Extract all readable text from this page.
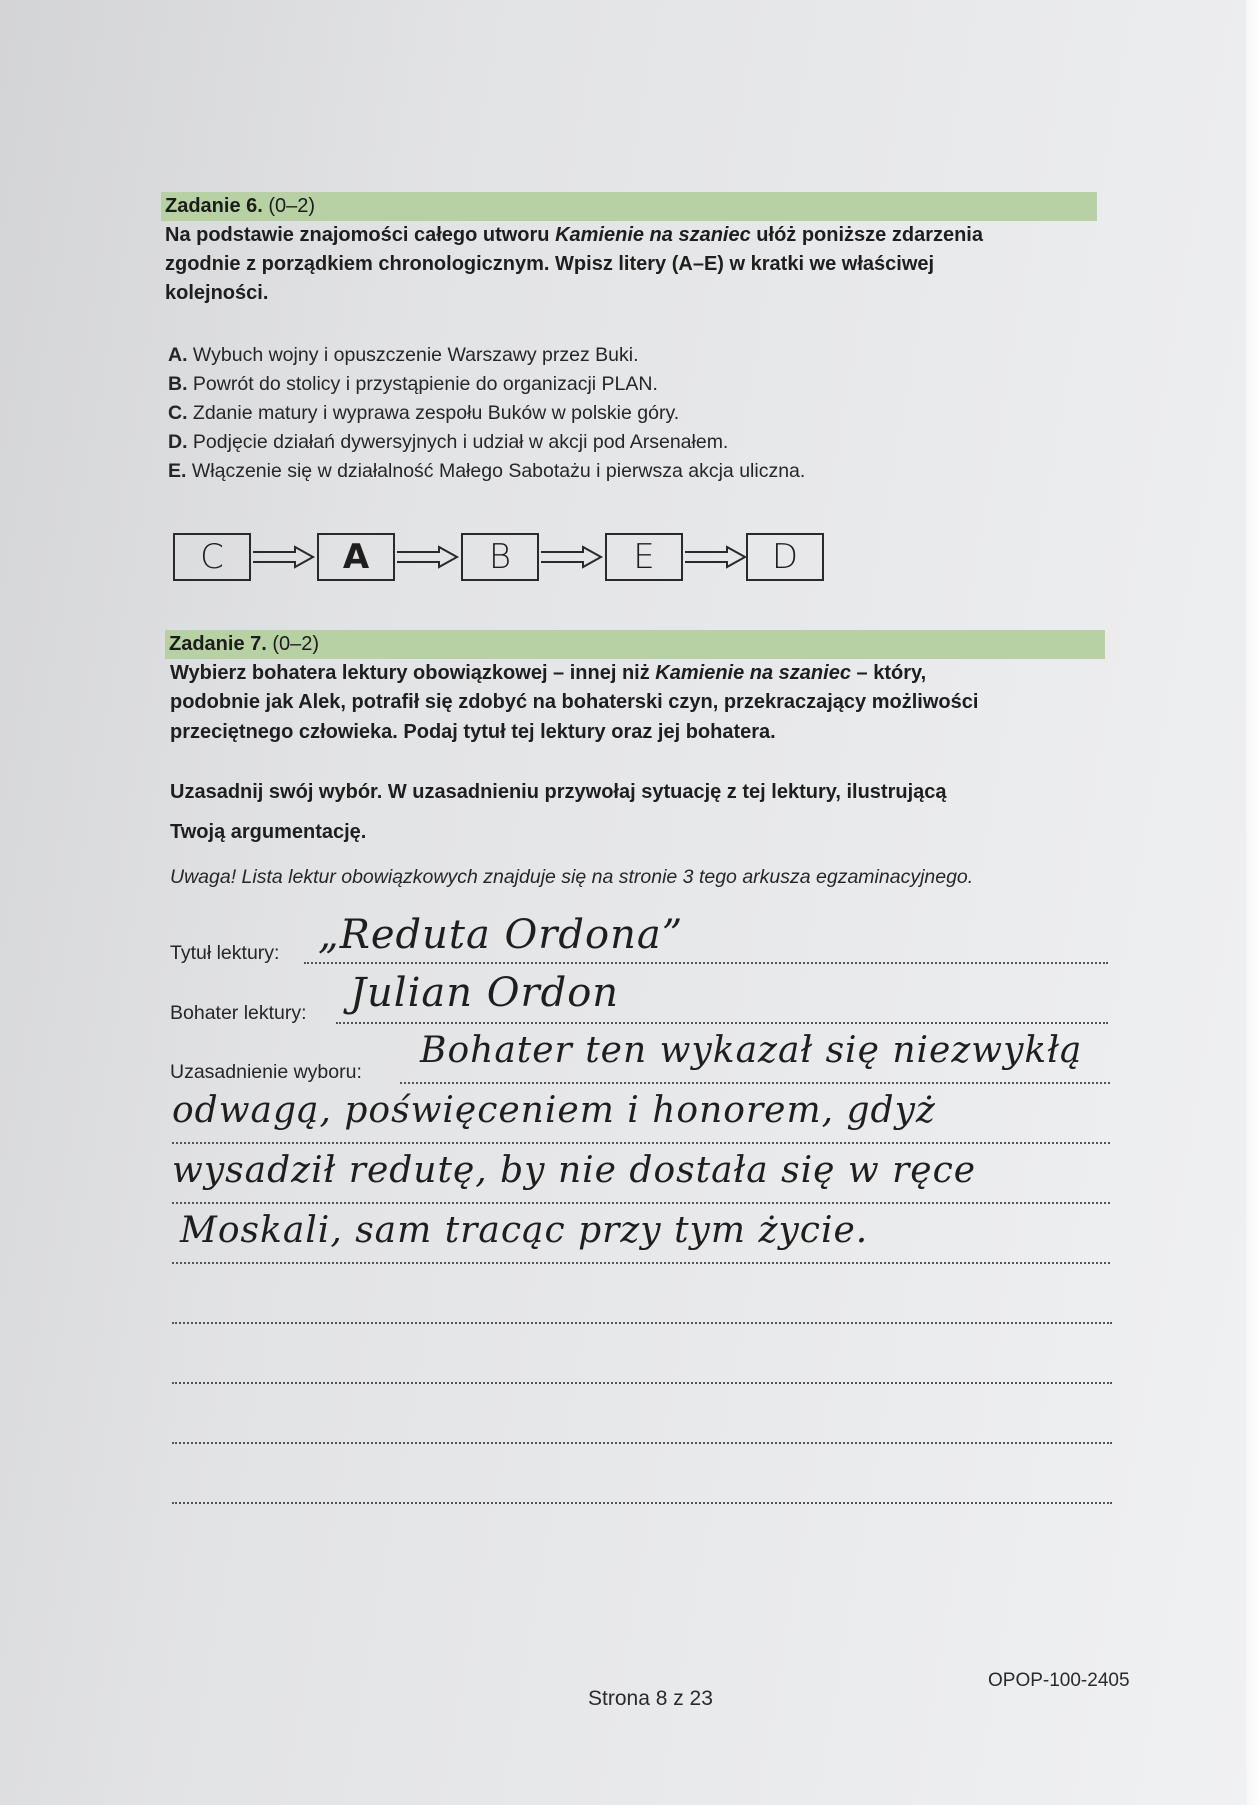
Zadanie 6. (0–2)

Na podstawie znajomości całego utworu Kamienie na szaniec ułóż poniższe zdarzenia

zgodnie z porządkiem chronologicznym. Wpisz litery (A–E) w kratki we właściwej

kolejności.

A. Wybuch wojny i opuszczenie Warszawy przez Buki.
B. Powrót do stolicy i przystąpienie do organizacji PLAN.
C. Zdanie matury i wyprawa zespołu Buków w polskie góry.
D. Podjęcie działań dywersyjnych i udział w akcji pod Arsenałem.
E. Włączenie się w działalność Małego Sabotażu i pierwsza akcja uliczna.
C	A	B	E	D
Zadanie 7. (0–2)

Wybierz bohatera lektury obowiązkowej – innej niż Kamienie na szaniec – który,

podobnie jak Alek, potrafił się zdobyć na bohaterski czyn, przekraczający możliwości

przeciętnego człowieka. Podaj tytuł tej lektury oraz jej bohatera.

Uzasadnij swój wybór. W uzasadnieniu przywołaj sytuację z tej lektury, ilustrującą

Twoją argumentację.

Uwaga! Lista lektur obowiązkowych znajduje się na stronie 3 tego arkusza egzaminacyjnego.
Tytuł lektury: „Reduta Ordona”
Bohater lektury: Julian Ordon
Uzasadnienie wyboru:
Bohater ten wykazał się niezwykłą
odwagą, poświęceniem i honorem, gdyż
wysadził redutę, by nie dostała się w ręce
Moskali, sam tracąc przy tym życie.
Strona 8 z 23
OPOP-100-2405
